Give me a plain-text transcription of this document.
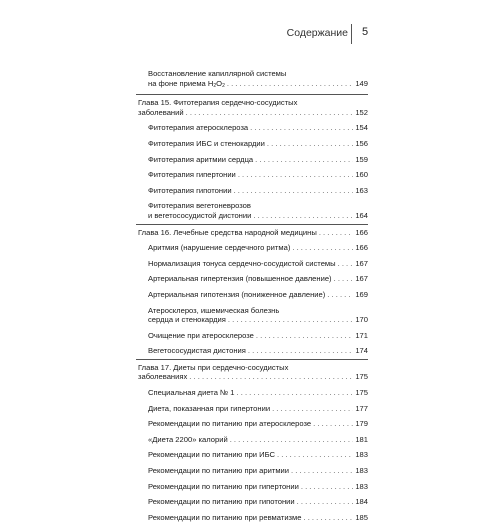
Содержание 5
Восстановление капиллярной системы
на фоне приема $H_2O_2$ . . .	149
Глава 15. Фитотерапия сердечно-сосудистых
заболеваний . . .	152
Фитотерапия атеросклероза . . .	154
Фитотерапия ИБС и стенокардии . . .	156
Фитотерапия аритмии сердца . . .	159
Фитотерапия гипертонии . . .	160
Фитотерапия гипотонии . . .	163
Фитотерапия вегетоневрозов
и вегетососудистой дистонии . . .	164
Глава 16. Лечебные средства народной медицины . . .	166
Аритмия (нарушение сердечного ритма) . . .	166
Нормализация тонуса сердечно-сосудистой системы . . .	167
Артериальная гипертензия (повышенное давление) . . .	167
Артериальная гипотензия (пониженное давление) . . .	169
Атеросклероз, ишемическая болезнь
сердца и стенокардия . . .	170
Очищение при атеросклерозе . . .	171
Вегетососудистая дистония . . .	174
Глава 17. Диеты при сердечно-сосудистых
заболеваниях . . .	175
Специальная диета № 1 . . .	175
Диета, показанная при гипертонии . . .	177
Рекомендации по питанию при атеросклерозе . . .	179
«Диета 2200» калорий . . .	181
Рекомендации по питанию при ИБС . . .	183
Рекомендации по питанию при аритмии . . .	183
Рекомендации по питанию при гипертонии . . .	183
Рекомендации по питанию при гипотонии . . .	184
Рекомендации по питанию при ревматизме . . .	185
